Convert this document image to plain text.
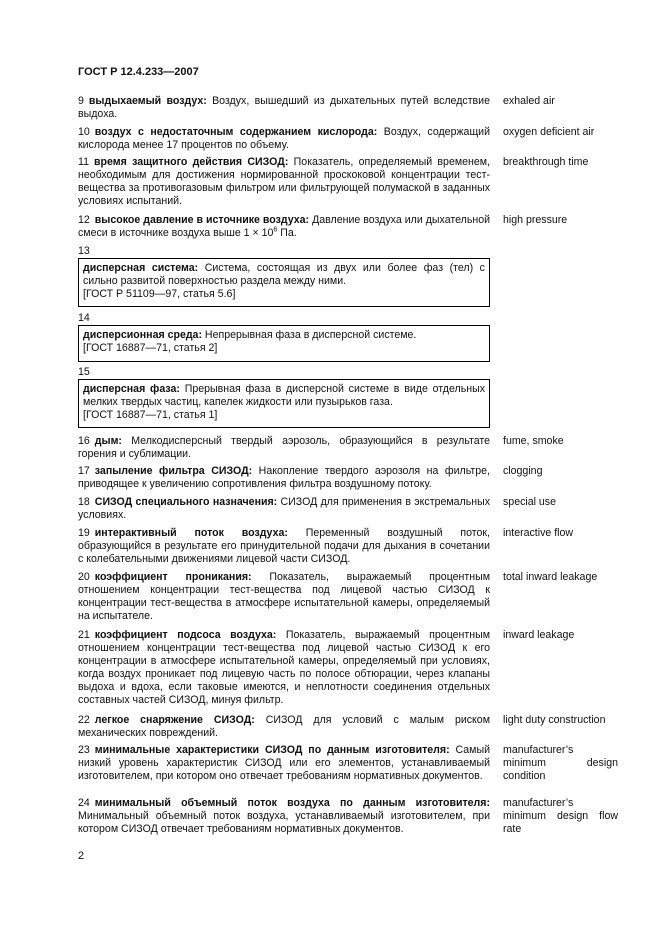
ГОСТ Р 12.4.233—2007
9 выдыхаемый воздух: Воздух, вышедший из дыхательных путей вследствие выдоха.
exhaled air
10 воздух с недостаточным содержанием кислорода: Воздух, содержащий кислорода менее 17 процентов по объему.
oxygen deficient air
11 время защитного действия СИЗОД: Показатель, определяемый временем, необходимым для достижения нормированной проскоковой концентрации тест-вещества за противогазовым фильтром или фильтрующей полумаской в заданных условиях испытаний.
breakthrough time
12 высокое давление в источнике воздуха: Давление воздуха или дыхательной смеси в источнике воздуха выше $1 \times 10^6$ Па.
high pressure
13
дисперсная система: Система, состоящая из двух или более фаз (тел) с сильно развитой поверхностью раздела между ними.
[ГОСТ Р 51109—97, статья 5.6]
14
дисперсионная среда: Непрерывная фаза в дисперсной системе.
[ГОСТ 16887—71, статья 2]
15
дисперсная фаза: Прерывная фаза в дисперсной системе в виде отдельных мелких твердых частиц, капелек жидкости или пузырьков газа.
[ГОСТ 16887—71, статья 1]
16 дым: Мелкодисперсный твердый аэрозоль, образующийся в результате горения и сублимации.
fume, smoke
17 запыление фильтра СИЗОД: Накопление твердого аэрозоля на фильтре, приводящее к увеличению сопротивления фильтра воздушному потоку.
clogging
18 СИЗОД специального назначения: СИЗОД для применения в экстремальных условиях.
special use
19 интерактивный поток воздуха: Переменный воздушный поток, образующийся в результате его принудительной подачи для дыхания в сочетании с колебательными движениями лицевой части СИЗОД.
interactive flow
20 коэффициент проникания: Показатель, выражаемый процентным отношением концентрации тест-вещества под лицевой частью СИЗОД к концентрации тест-вещества в атмосфере испытательной камеры, определяемый на испытателе.
total inward leakage
21 коэффициент подсоса воздуха: Показатель, выражаемый процентным отношением концентрации тест-вещества под лицевой частью СИЗОД к его концентрации в атмосфере испытательной камеры, определяемый при условиях, когда воздух проникает под лицевую часть по полосе обтюрации, через клапаны выдоха и вдоха, если таковые имеются, и неплотности соединения отдельных составных частей СИЗОД, минуя фильтр.
inward leakage
22 легкое снаряжение СИЗОД: СИЗОД для условий с малым риском механических повреждений.
light duty construction
23 минимальные характеристики СИЗОД по данным изготовителя: Самый низкий уровень характеристик СИЗОД или его элементов, устанавливаемый изготовителем, при котором оно отвечает требованиям нормативных документов.
manufacturer’s minimum design condition
24 минимальный объемный поток воздуха по данным изготовителя: Минимальный объемный поток воздуха, устанавливаемый изготовителем, при котором СИЗОД отвечает требованиям нормативных документов.
manufacturer’s minimum design flow rate
2
